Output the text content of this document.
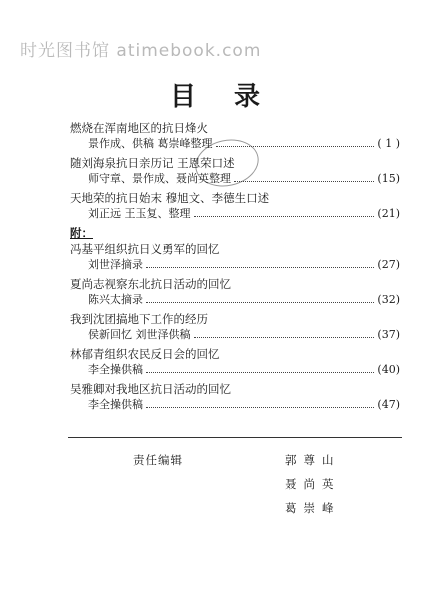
时光图书馆 atimebook.com
目录
燃烧在浑南地区的抗日烽火
景作成、供稿 葛崇峰整理	( 1 )
随刘海泉抗日亲历记 王恩荣口述
师守章、景作成、聂尚英整理	(15)
天地荣的抗日始末 穆旭文、李德生口述
刘正远 王玉复、整理	(21)
附：
冯基平组织抗日义勇军的回忆
刘世泽摘录	(27)
夏尚志视察东北抗日活动的回忆
陈兴太摘录	(32)
我到沈团搞地下工作的经历
侯新回忆 刘世泽供稿	(37)
林郁青组织农民反日会的回忆
李全操供稿	(40)
吴雅卿对我地区抗日活动的回忆
李全操供稿	(47)
责任编辑	郭尊山
聂尚英
葛崇峰
